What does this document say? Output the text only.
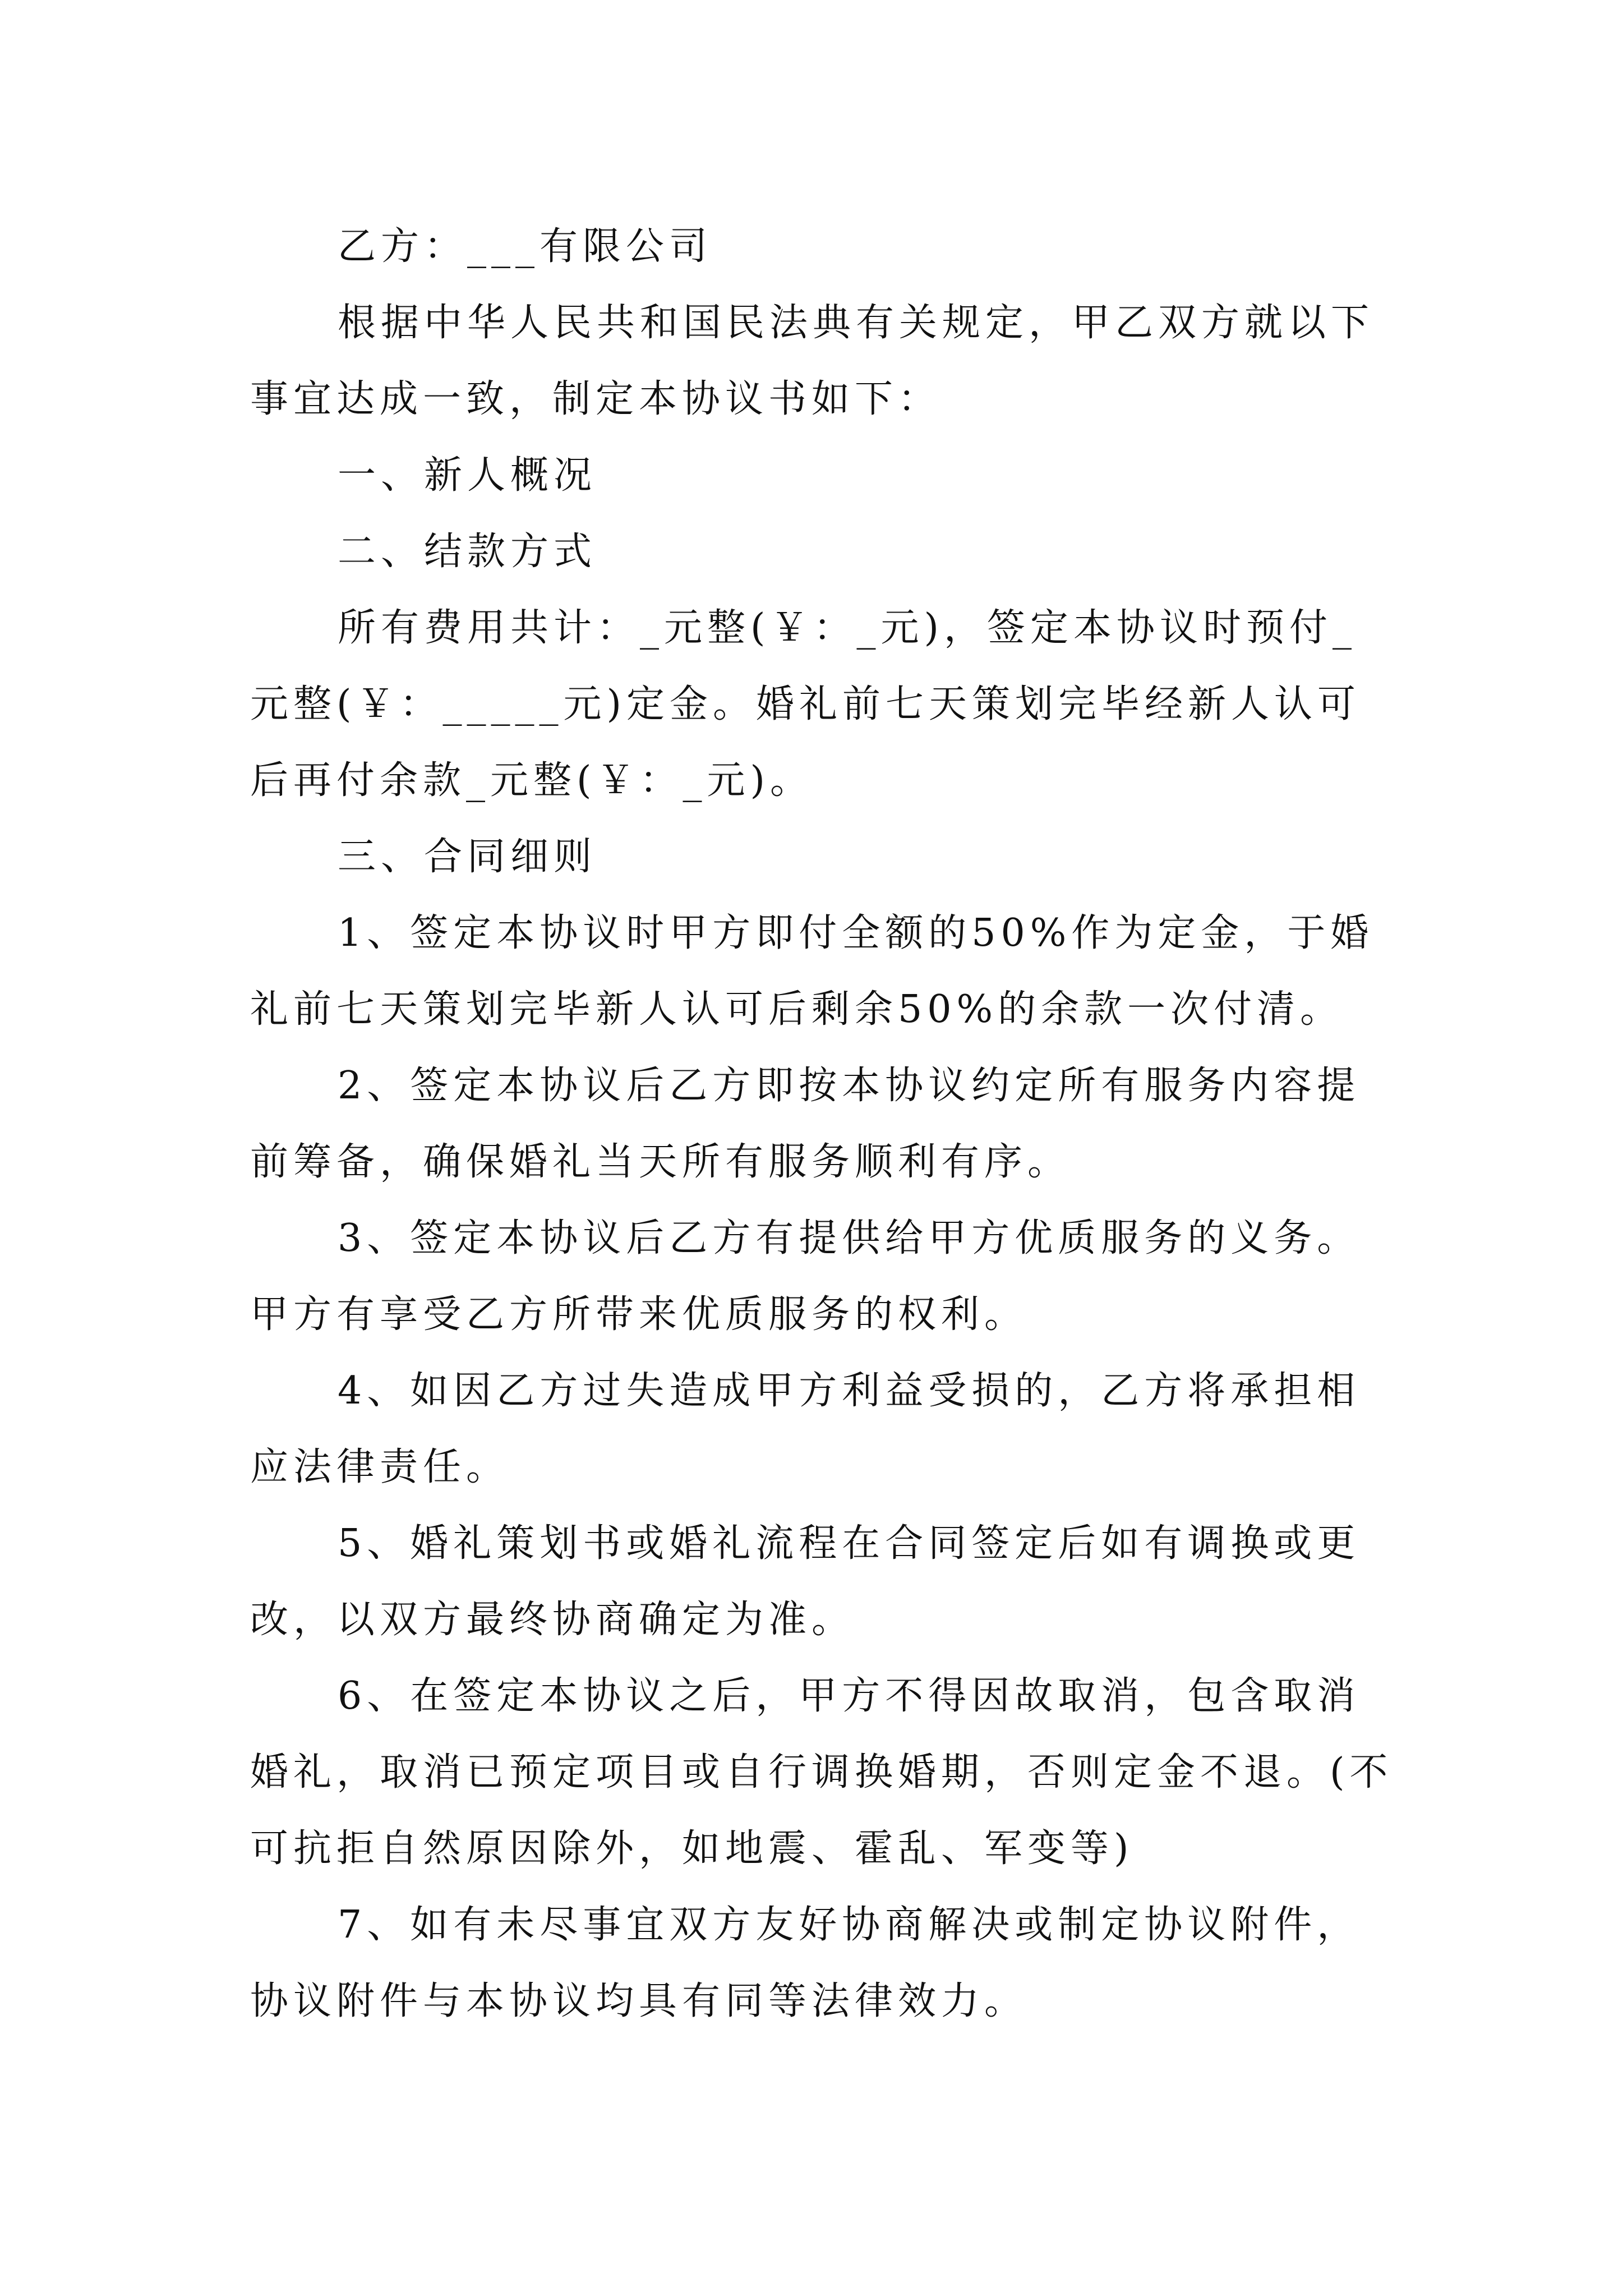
乙方：___有限公司

根据中华人民共和国民法典有关规定，甲乙双方就以下事宜达成一致，制定本协议书如下：

一、新人概况

二、结款方式

所有费用共计：_元整(￥：_元)，签定本协议时预付_元整(￥：_____元)定金。婚礼前七天策划完毕经新人认可后再付余款_元整(￥：_元)。

三、合同细则

1、签定本协议时甲方即付全额的50%作为定金，于婚礼前七天策划完毕新人认可后剩余50%的余款一次付清。

2、签定本协议后乙方即按本协议约定所有服务内容提前筹备，确保婚礼当天所有服务顺利有序。

3、签定本协议后乙方有提供给甲方优质服务的义务。甲方有享受乙方所带来优质服务的权利。

4、如因乙方过失造成甲方利益受损的，乙方将承担相应法律责任。

5、婚礼策划书或婚礼流程在合同签定后如有调换或更改，以双方最终协商确定为准。

6、在签定本协议之后，甲方不得因故取消，包含取消婚礼，取消已预定项目或自行调换婚期，否则定金不退。(不可抗拒自然原因除外，如地震、霍乱、军变等)

7、如有未尽事宜双方友好协商解决或制定协议附件，协议附件与本协议均具有同等法律效力。
